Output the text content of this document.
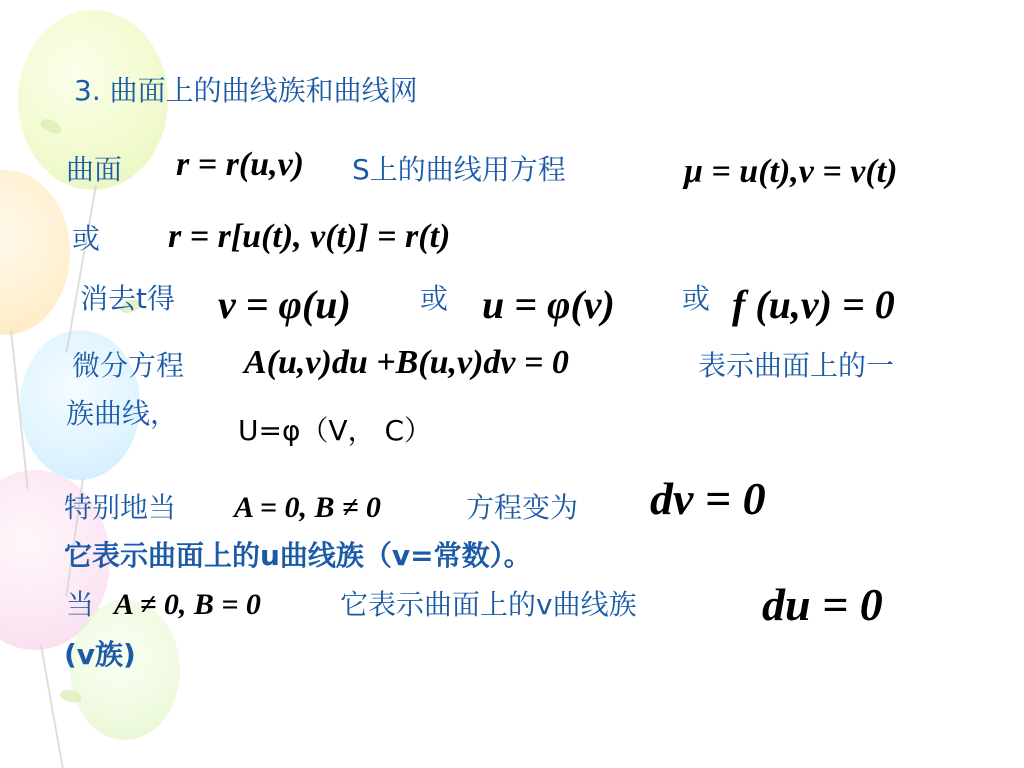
3. 曲面上的曲线族和曲线网
曲面 r = r(u,v) S上的曲线用方程	μ = u(t),v = v(t)
或 r = r[u(t), v(t)] = r(t)
消去t得 v = φ(u) 或 u = φ(v) 或 f (u,v) = 0
微分方程 A(u,v)du +B(u,v)dv = 0	表示曲面上的一
族曲线，
U=φ（V， C）
特别地当 A = 0, B ≠ 0	方程变为 dv = 0
它表示曲面上的u曲线族（v=常数）。
当 A ≠ 0, B = 0	它表示曲面上的v曲线族	du = 0
(v族)
